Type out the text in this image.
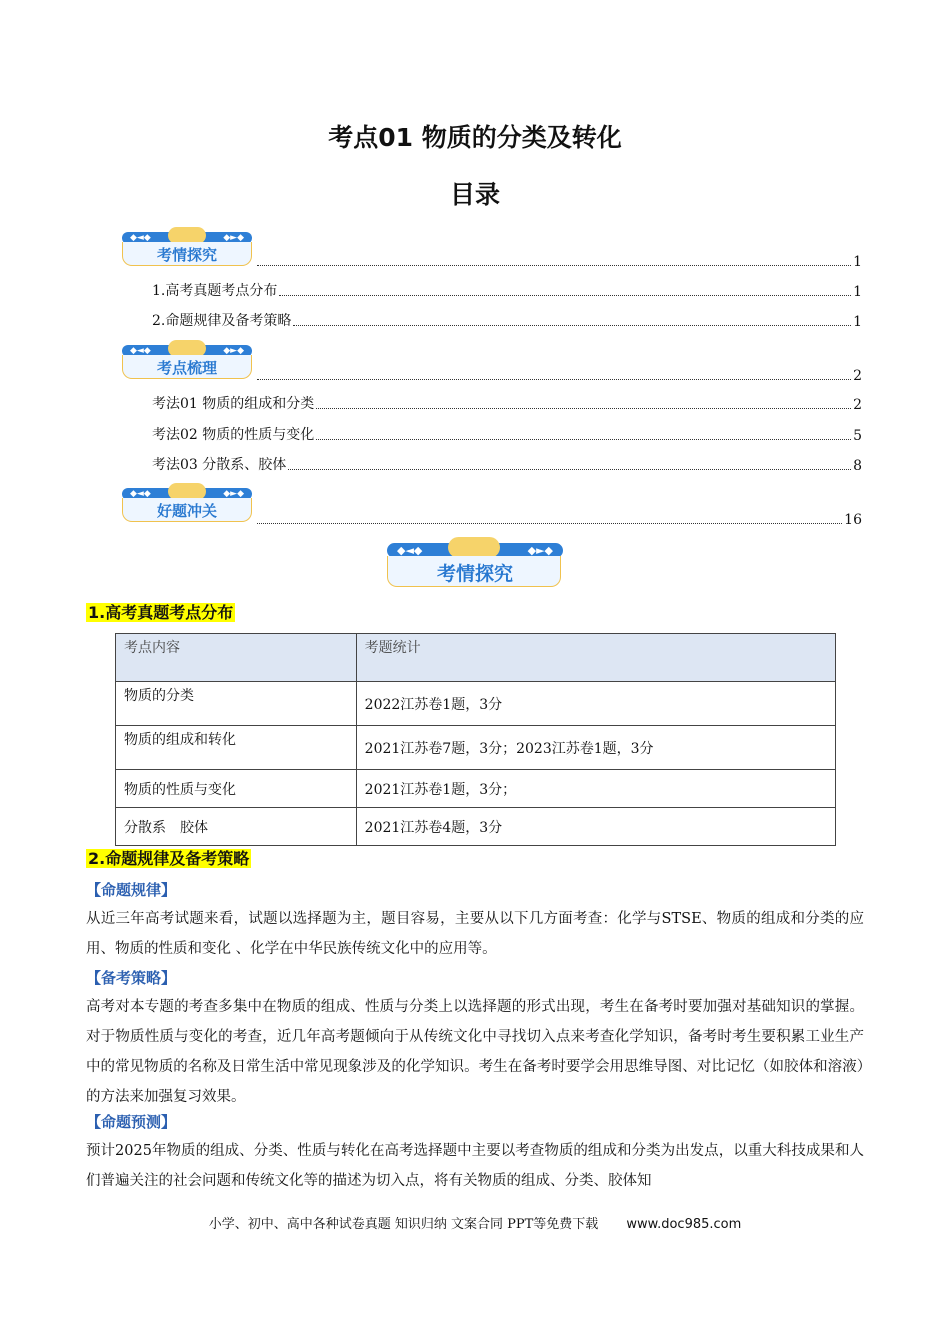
考点01 物质的分类及转化
目录
◆◄◆	◆►◆
考情探究	1
1.高考真题考点分布	1
2.命题规律及备考策略	1
◆◄◆	◆►◆
考点梳理	2
考法01 物质的组成和分类	2
考法02 物质的性质与变化	5
考法03 分散系、胶体	8
◆◄◆	◆►◆
好题冲关	16
◆◄◆	◆►◆
考情探究
1.高考真题考点分布
考点内容	考题统计
物质的分类	2022江苏卷1题，3分
物质的组成和转化	2021江苏卷7题，3分；2023江苏卷1题，3分
物质的性质与变化	2021江苏卷1题，3分；
分散系　胶体	2021江苏卷4题，3分
2.命题规律及备考策略
【命题规律】
从近三年高考试题来看，试题以选择题为主，题目容易，主要从以下几方面考查：化学与STSE、物质的组成和分类的应用、物质的性质和变化 、化学在中华民族传统文化中的应用等。
【备考策略】
高考对本专题的考查多集中在物质的组成、性质与分类上以选择题的形式出现，考生在备考时要加强对基础知识的掌握。对于物质性质与变化的考查，近几年高考题倾向于从传统文化中寻找切入点来考查化学知识，备考时考生要积累工业生产中的常见物质的名称及日常生活中常见现象涉及的化学知识。考生在备考时要学会用思维导图、对比记忆（如胶体和溶液）的方法来加强复习效果。
【命题预测】
预计2025年物质的组成、分类、性质与转化在高考选择题中主要以考查物质的组成和分类为出发点，以重大科技成果和人们普遍关注的社会问题和传统文化等的描述为切入点，将有关物质的组成、分类、胶体知
小学、初中、高中各种试卷真题 知识归纳 文案合同 PPT等免费下载 www.doc985.com
